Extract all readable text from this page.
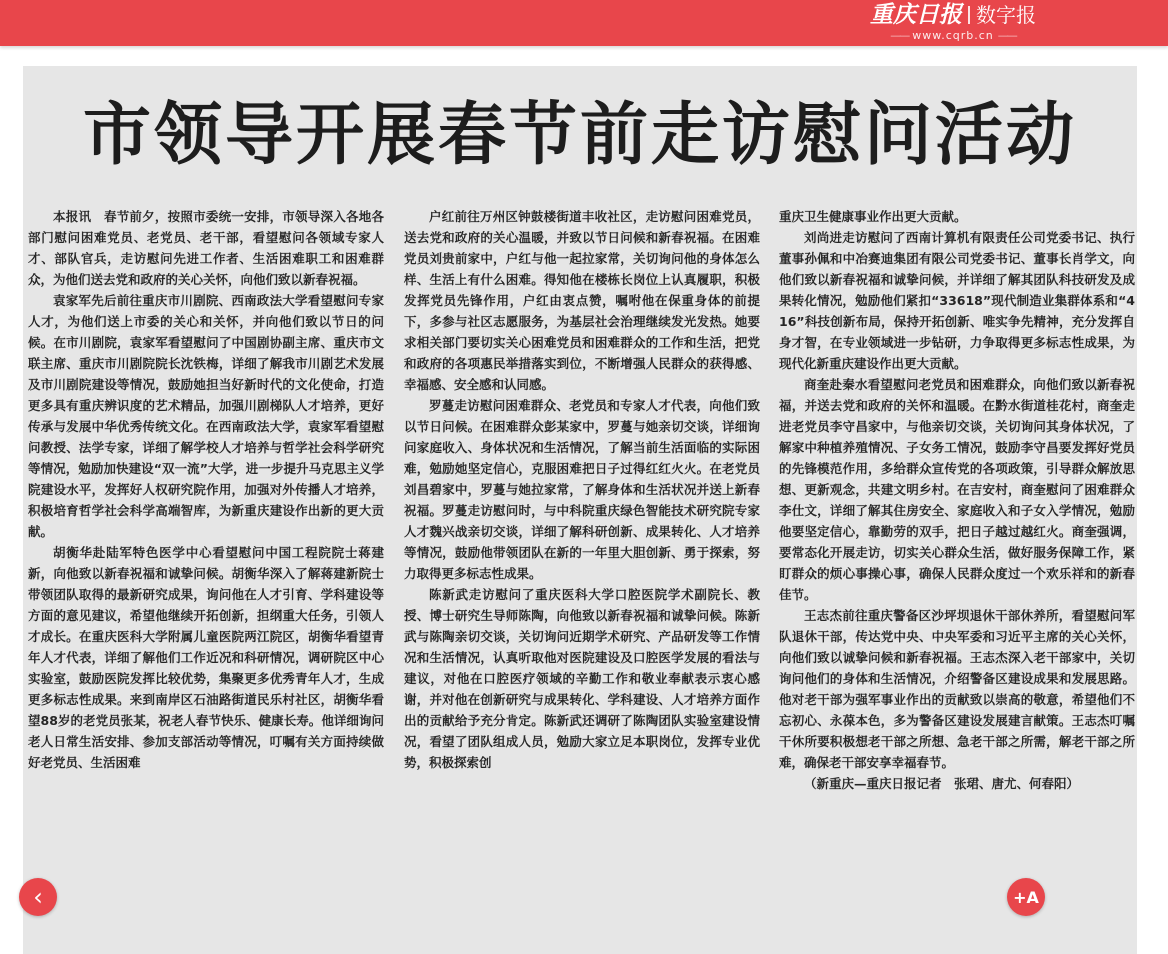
重庆日报 数字报
—— www.cqrb.cn ——
市领导开展春节前走访慰问活动

本报讯　春节前夕，按照市委统一安排，市领导深入各地各部门慰问困难党员、老党员、老干部，看望慰问各领域专家人才、部队官兵，走访慰问先进工作者、生活困难职工和困难群众，为他们送去党和政府的关心关怀，向他们致以新春祝福。

袁家军先后前往重庆市川剧院、西南政法大学看望慰问专家人才，为他们送上市委的关心和关怀，并向他们致以节日的问候。在市川剧院，袁家军看望慰问了中国剧协副主席、重庆市文联主席、重庆市川剧院院长沈铁梅，详细了解我市川剧艺术发展及市川剧院建设等情况，鼓励她担当好新时代的文化使命，打造更多具有重庆辨识度的艺术精品，加强川剧梯队人才培养，更好传承与发展中华优秀传统文化。在西南政法大学，袁家军看望慰问教授、法学专家，详细了解学校人才培养与哲学社会科学研究等情况，勉励加快建设“双一流”大学，进一步提升马克思主义学院建设水平，发挥好人权研究院作用，加强对外传播人才培养，积极培育哲学社会科学高端智库，为新重庆建设作出新的更大贡献。

胡衡华赴陆军特色医学中心看望慰问中国工程院院士蒋建新，向他致以新春祝福和诚挚问候。胡衡华深入了解蒋建新院士带领团队取得的最新研究成果，询问他在人才引育、学科建设等方面的意见建议，希望他继续开拓创新，担纲重大任务，引领人才成长。在重庆医科大学附属儿童医院两江院区，胡衡华看望青年人才代表，详细了解他们工作近况和科研情况，调研院区中心实验室，鼓励医院发挥比较优势，集聚更多优秀青年人才，生成更多标志性成果。来到南岸区石油路街道民乐村社区，胡衡华看望88岁的老党员张某，祝老人春节快乐、健康长寿。他详细询问老人日常生活安排、参加支部活动等情况，叮嘱有关方面持续做好老党员、生活困难

户红前往万州区钟鼓楼街道丰收社区，走访慰问困难党员，送去党和政府的关心温暖，并致以节日问候和新春祝福。在困难党员刘贵前家中，户红与他一起拉家常，关切询问他的身体怎么样、生活上有什么困难。得知他在楼栋长岗位上认真履职，积极发挥党员先锋作用，户红由衷点赞，嘱咐他在保重身体的前提下，多参与社区志愿服务，为基层社会治理继续发光发热。她要求相关部门要切实关心困难党员和困难群众的工作和生活，把党和政府的各项惠民举措落实到位，不断增强人民群众的获得感、幸福感、安全感和认同感。

罗蔓走访慰问困难群众、老党员和专家人才代表，向他们致以节日问候。在困难群众彭某家中，罗蔓与她亲切交谈，详细询问家庭收入、身体状况和生活情况，了解当前生活面临的实际困难，勉励她坚定信心，克服困难把日子过得红红火火。在老党员刘昌碧家中，罗蔓与她拉家常，了解身体和生活状况并送上新春祝福。罗蔓走访慰问时，与中科院重庆绿色智能技术研究院专家人才魏兴战亲切交谈，详细了解科研创新、成果转化、人才培养等情况，鼓励他带领团队在新的一年里大胆创新、勇于探索，努力取得更多标志性成果。

陈新武走访慰问了重庆医科大学口腔医院学术副院长、教授、博士研究生导师陈陶，向他致以新春祝福和诚挚问候。陈新武与陈陶亲切交谈，关切询问近期学术研究、产品研发等工作情况和生活情况，认真听取他对医院建设及口腔医学发展的看法与建议，对他在口腔医疗领域的辛勤工作和敬业奉献表示衷心感谢，并对他在创新研究与成果转化、学科建设、人才培养方面作出的贡献给予充分肯定。陈新武还调研了陈陶团队实验室建设情况，看望了团队组成人员，勉励大家立足本职岗位，发挥专业优势，积极探索创

重庆卫生健康事业作出更大贡献。

刘尚进走访慰问了西南计算机有限责任公司党委书记、执行董事孙佩和中冶赛迪集团有限公司党委书记、董事长肖学文，向他们致以新春祝福和诚挚问候，并详细了解其团队科技研发及成果转化情况，勉励他们紧扣“33618”现代制造业集群体系和“416”科技创新布局，保持开拓创新、唯实争先精神，充分发挥自身才智，在专业领域进一步钻研，力争取得更多标志性成果，为现代化新重庆建设作出更大贡献。

商奎赴秦水看望慰问老党员和困难群众，向他们致以新春祝福，并送去党和政府的关怀和温暖。在黔水街道桂花村，商奎走进老党员李守昌家中，与他亲切交谈，关切询问其身体状况，了解家中种植养殖情况、子女务工情况，鼓励李守昌要发挥好党员的先锋模范作用，多给群众宣传党的各项政策，引导群众解放思想、更新观念，共建文明乡村。在吉安村，商奎慰问了困难群众李仕文，详细了解其住房安全、家庭收入和子女入学情况，勉励他要坚定信心，靠勤劳的双手，把日子越过越红火。商奎强调，要常态化开展走访，切实关心群众生活，做好服务保障工作，紧盯群众的烦心事操心事，确保人民群众度过一个欢乐祥和的新春佳节。

王志杰前往重庆警备区沙坪坝退休干部休养所，看望慰问军队退休干部，传达党中央、中央军委和习近平主席的关心关怀，向他们致以诚挚问候和新春祝福。王志杰深入老干部家中，关切询问他们的身体和生活情况，介绍警备区建设成果和发展思路。他对老干部为强军事业作出的贡献致以崇高的敬意，希望他们不忘初心、永葆本色，多为警备区建设发展建言献策。王志杰叮嘱干休所要积极想老干部之所想、急老干部之所需，解老干部之所难，确保老干部安享幸福春节。

（新重庆—重庆日报记者　张珺、唐尤、何春阳）

‹	+A
